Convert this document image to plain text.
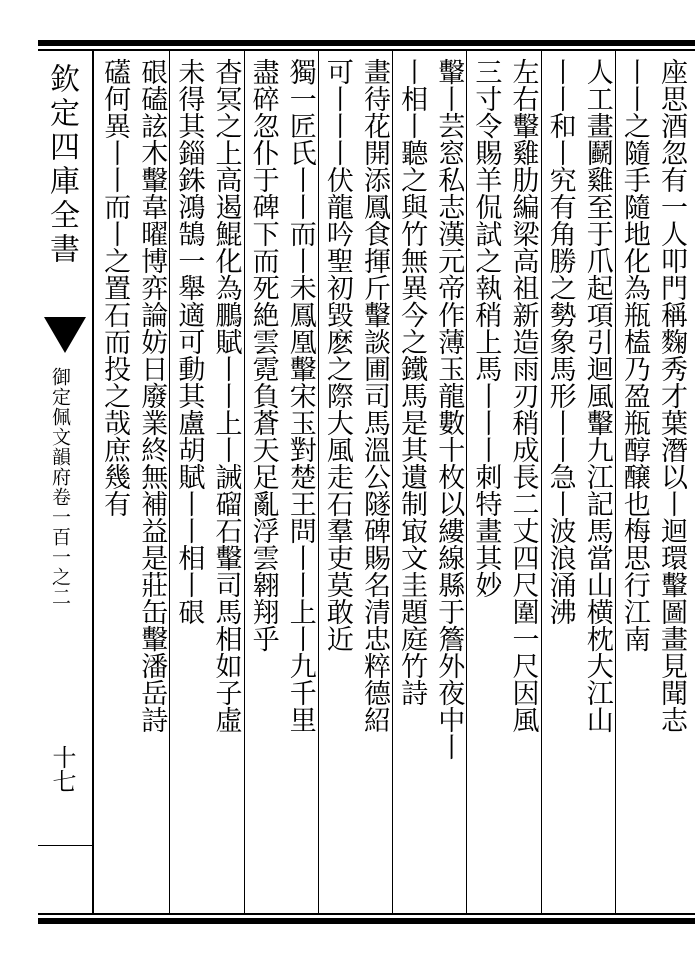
欽定四庫全書
御定佩文韻府卷一百一之二
十七
座思酒忽有一人叩門稱麴秀才葉潛以丨迴環轚圖畫見聞志
丨丨之隨手隨地化為瓶榼乃盈瓶醇醸也梅思行江南
人工畫鬬雞至于爪起項引迴風轚九江記馬當山横枕大江山
丨丨和丨究有角勝之勢象馬形丨丨急丨波浪涌沸
左右轚雞肋編梁高祖新造雨刃稍成長二丈四尺圍一尺因風
三寸令賜羊侃試之執稍上馬丨丨丨刺特畫其妙
轚丨芸窓私志漢元帝作薄玉龍數十枚以縷線縣于簷外夜中丨
丨相丨聽之與竹無異今之鐵馬是其遺制㝡文圭題庭竹詩
畫待花開添鳳食揮斤轚談圃司馬溫公隧碑賜名清忠粹德紹
可丨丨丨伏龍吟聖初毀麽之際大風走石羣吏莫敢近
獨一匠氏丨丨而丨未鳳凰轚宋玉對楚王問丨丨上丨九千里
盡碎忽仆于碑下而死絶雲霓負蒼天足亂浮雲翱翔乎
杳冥之上高遏鯤化為鵬賦丨丨上丨誡磂石轚司馬相如子虛
未得其錙銖鴻鵠一舉適可動其盧胡賦丨丨相丨硍
硍磕詃木轚韋曜博弈論妨日廢業終無補益是莊缶轚潘岳詩
礚何異丨丨而丨之置石而投之哉庶幾有
